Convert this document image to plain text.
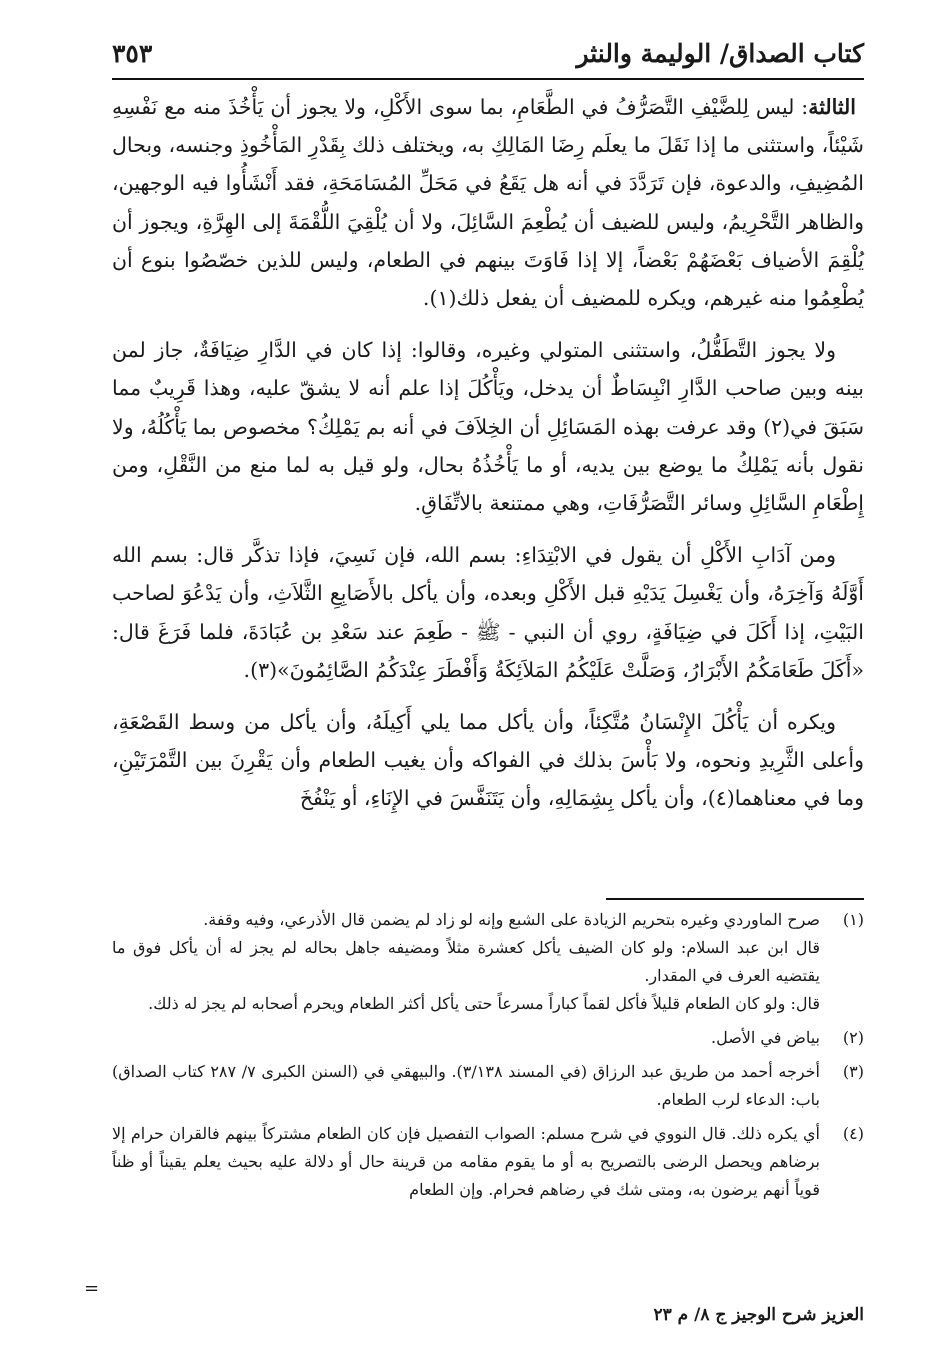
كتاب الصداق/ الوليمة والنثر
٣٥٣

الثالثة: ليس لِلضَّيْفِ التَّصَرُّفُ في الطَّعَامِ، بما سوى الأَكْلِ، ولا يجوز أن يَأْخُذَ منه مع نَفْسِهِ شَيْئاً، واستثنى ما إذا نَقَلَ ما يعلَم رِضَا المَالِكِ به، ويختلف ذلك بِقَدْرِ المَأْخُوذِ وجنسه، وبحال المُضِيفِ، والدعوة، فإن تَرَدَّدَ في أنه هل يَقَعُ في مَحَلِّ المُسَامَحَةِ، فقد أَنْشَأُوا فيه الوجهين، والظاهر التَّحْرِيمُ، وليس للضيف أن يُطْعِمَ السَّائِلَ، ولا أن يُلْقِيَ اللُّقْمَةَ إلى الهِرَّةِ، ويجوز أن يُلْقِمَ الأضياف بَعْضَهُمْ بَعْضاً، إلا إذا فَاوَتَ بينهم في الطعام، وليس للذين خصّصُوا بنوع أن يُطْعِمُوا منه غيرهم، ويكره للمضيف أن يفعل ذلك(١).

ولا يجوز التَّطَفُّلُ، واستثنى المتولي وغيره، وقالوا: إذا كان في الدَّارِ ضِيَافَةٌ، جاز لمن بينه وبين صاحب الدَّارِ انْبِسَاطٌ أن يدخل، ويَأْكُلَ إذا علم أنه لا يشقّ عليه، وهذا قَرِيبٌ مما سَبَقَ في(٢) وقد عرفت بهذه المَسَائِلِ أن الخِلاَفَ في أنه بم يَمْلِكُ؟ مخصوص بما يَأْكُلُهُ، ولا نقول بأنه يَمْلِكُ ما يوضع بين يديه، أو ما يَأْخُذُهُ بحال، ولو قيل به لما منع من النَّقْلِ، ومن إِطْعَامِ السَّائِلِ وسائر التَّصَرُّفَاتِ، وهي ممتنعة بالاتِّفَاقِ.

ومن آدَابِ الأَكْلِ أن يقول في الابْتِدَاءِ: بسم الله، فإن نَسِيَ، فإذا تذكَّر قال: بسم الله أَوَّلَهُ وَآخِرَهُ، وأن يَغْسِلَ يَدَيْهِ قبل الأَكْلِ وبعده، وأن يأكل بالأَصَابِعِ الثَّلاَثِ، وأن يَدْعُوَ لصاحب البَيْتِ، إذا أَكَلَ في ضِيَافَةٍ، روي أن النبي - ﷺ - طَعِمَ عند سَعْدِ بن عُبَادَةَ، فلما فَرَغَ قال: «أَكَلَ طَعَامَكُمُ الأَبْرَارُ، وَصَلَّتْ عَلَيْكُمُ المَلاَئِكَةُ وَأَفْطَرَ عِنْدَكُمُ الصَّائِمُونَ»(٣).

ويكره أن يَأْكُلَ الإِنْسَانُ مُتَّكِئاً، وأن يأكل مما يلي أَكِيلَهُ، وأن يأكل من وسط القَصْعَةِ، وأعلى الثَّرِيدِ ونحوه، ولا بَأْسَ بذلك في الفواكه وأن يغيب الطعام وأن يَقْرِنَ بين التَّمْرَتَيْنِ، وما في معناهما(٤)، وأن يأكل بِشِمَالِهِ، وأن يَتَنَفَّسَ في الإِنَاءِ، أو يَنْفُخَ

(١)
صرح الماوردي وغيره بتحريم الزيادة على الشبع وإنه لو زاد لم يضمن قال الأذرعي، وفيه وقفة.
قال ابن عبد السلام: ولو كان الضيف يأكل كعشرة مثلاً ومضيفه جاهل بحاله لم يجز له أن يأكل فوق ما يقتضيه العرف في المقدار.
قال: ولو كان الطعام قليلاً فأكل لقماً كباراً مسرعاً حتى يأكل أكثر الطعام ويحرم أصحابه لم يجز له ذلك.
(٢)
بياض في الأصل.
(٣)
أخرجه أحمد من طريق عبد الرزاق (في المسند ٣/١٣٨). والبيهقي في (السنن الكبرى ٧/ ٢٨٧ كتاب الصداق) باب: الدعاء لرب الطعام.
(٤)
أي يكره ذلك. قال النووي في شرح مسلم: الصواب التفصيل فإن كان الطعام مشتركاً بينهم فالقران حرام إلا برضاهم ويحصل الرضى بالتصريح به أو ما يقوم مقامه من قرينة حال أو دلالة عليه بحيث يعلم يقيناً أو ظناً قوياً أنهم يرضون به، ومتى شك في رضاهم فحرام. وإن الطعام
=
العزيز شرح الوجيز ج ٨/ م ٢٣
